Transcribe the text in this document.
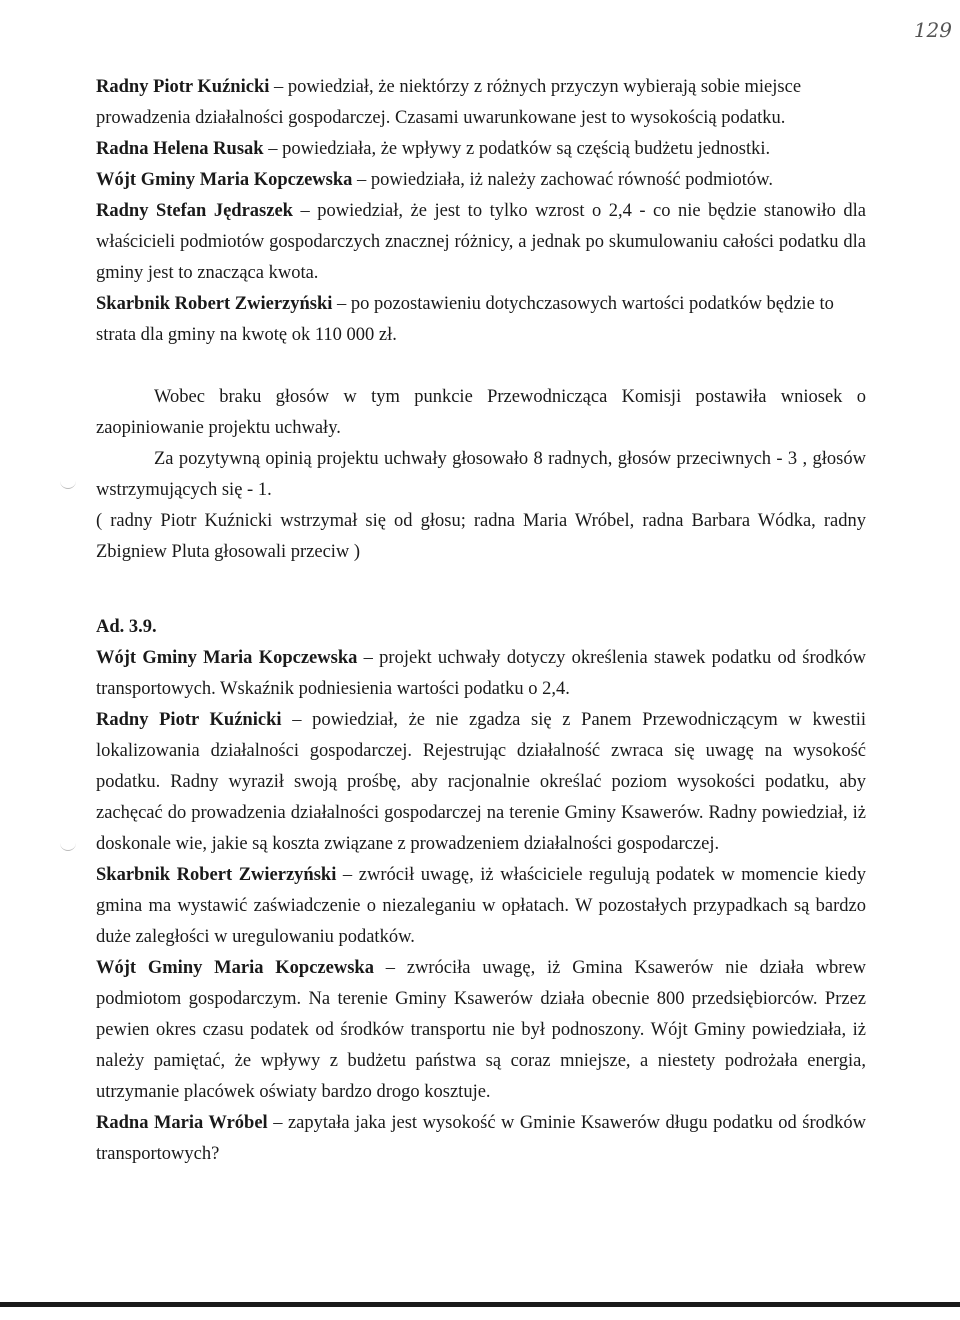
129

Radny Piotr Kuźnicki – powiedział, że niektórzy z różnych przyczyn wybierają sobie miejsce prowadzenia działalności gospodarczej. Czasami uwarunkowane jest to wysokością podatku.

Radna Helena Rusak – powiedziała, że wpływy z podatków są częścią budżetu jednostki.

Wójt Gminy Maria Kopczewska – powiedziała, iż należy zachować równość podmiotów.

Radny Stefan Jędraszek – powiedział, że jest to tylko wzrost o 2,4 - co nie będzie stanowiło dla właścicieli podmiotów gospodarczych znacznej różnicy, a jednak po skumulowaniu całości podatku dla gminy jest to znacząca kwota.

Skarbnik Robert Zwierzyński – po pozostawieniu dotychczasowych wartości podatków będzie to strata dla gminy na kwotę ok 110 000 zł.

Wobec braku głosów w tym punkcie Przewodnicząca Komisji postawiła wniosek o zaopiniowanie projektu uchwały.

Za pozytywną opinią projektu uchwały głosowało 8 radnych, głosów przeciwnych - 3 , głosów wstrzymujących się - 1.

( radny Piotr Kuźnicki wstrzymał się od głosu; radna Maria Wróbel, radna Barbara Wódka, radny Zbigniew Pluta głosowali przeciw )

Ad. 3.9.

Wójt Gminy Maria Kopczewska – projekt uchwały dotyczy określenia stawek podatku od środków transportowych. Wskaźnik podniesienia wartości podatku o 2,4.

Radny Piotr Kuźnicki – powiedział, że nie zgadza się z Panem Przewodniczącym w kwestii lokalizowania działalności gospodarczej. Rejestrując działalność zwraca się uwagę na wysokość podatku. Radny wyraził swoją prośbę, aby racjonalnie określać poziom wysokości podatku, aby zachęcać do prowadzenia działalności gospodarczej na terenie Gminy Ksawerów. Radny powiedział, iż doskonale wie, jakie są koszta związane z prowadzeniem działalności gospodarczej.

Skarbnik Robert Zwierzyński – zwrócił uwagę, iż właściciele regulują podatek w momencie kiedy gmina ma wystawić zaświadczenie o niezaleganiu w opłatach. W pozostałych przypadkach są bardzo duże zaległości w uregulowaniu podatków.

Wójt Gminy Maria Kopczewska – zwróciła uwagę, iż Gmina Ksawerów nie działa wbrew podmiotom gospodarczym. Na terenie Gminy Ksawerów działa obecnie 800 przedsiębiorców. Przez pewien okres czasu podatek od środków transportu nie był podnoszony. Wójt Gminy powiedziała, iż należy pamiętać, że wpływy z budżetu państwa są coraz mniejsze, a niestety podrożała energia, utrzymanie placówek oświaty bardzo drogo kosztuje.

Radna Maria Wróbel – zapytała jaka jest wysokość w Gminie Ksawerów długu podatku od środków transportowych?
